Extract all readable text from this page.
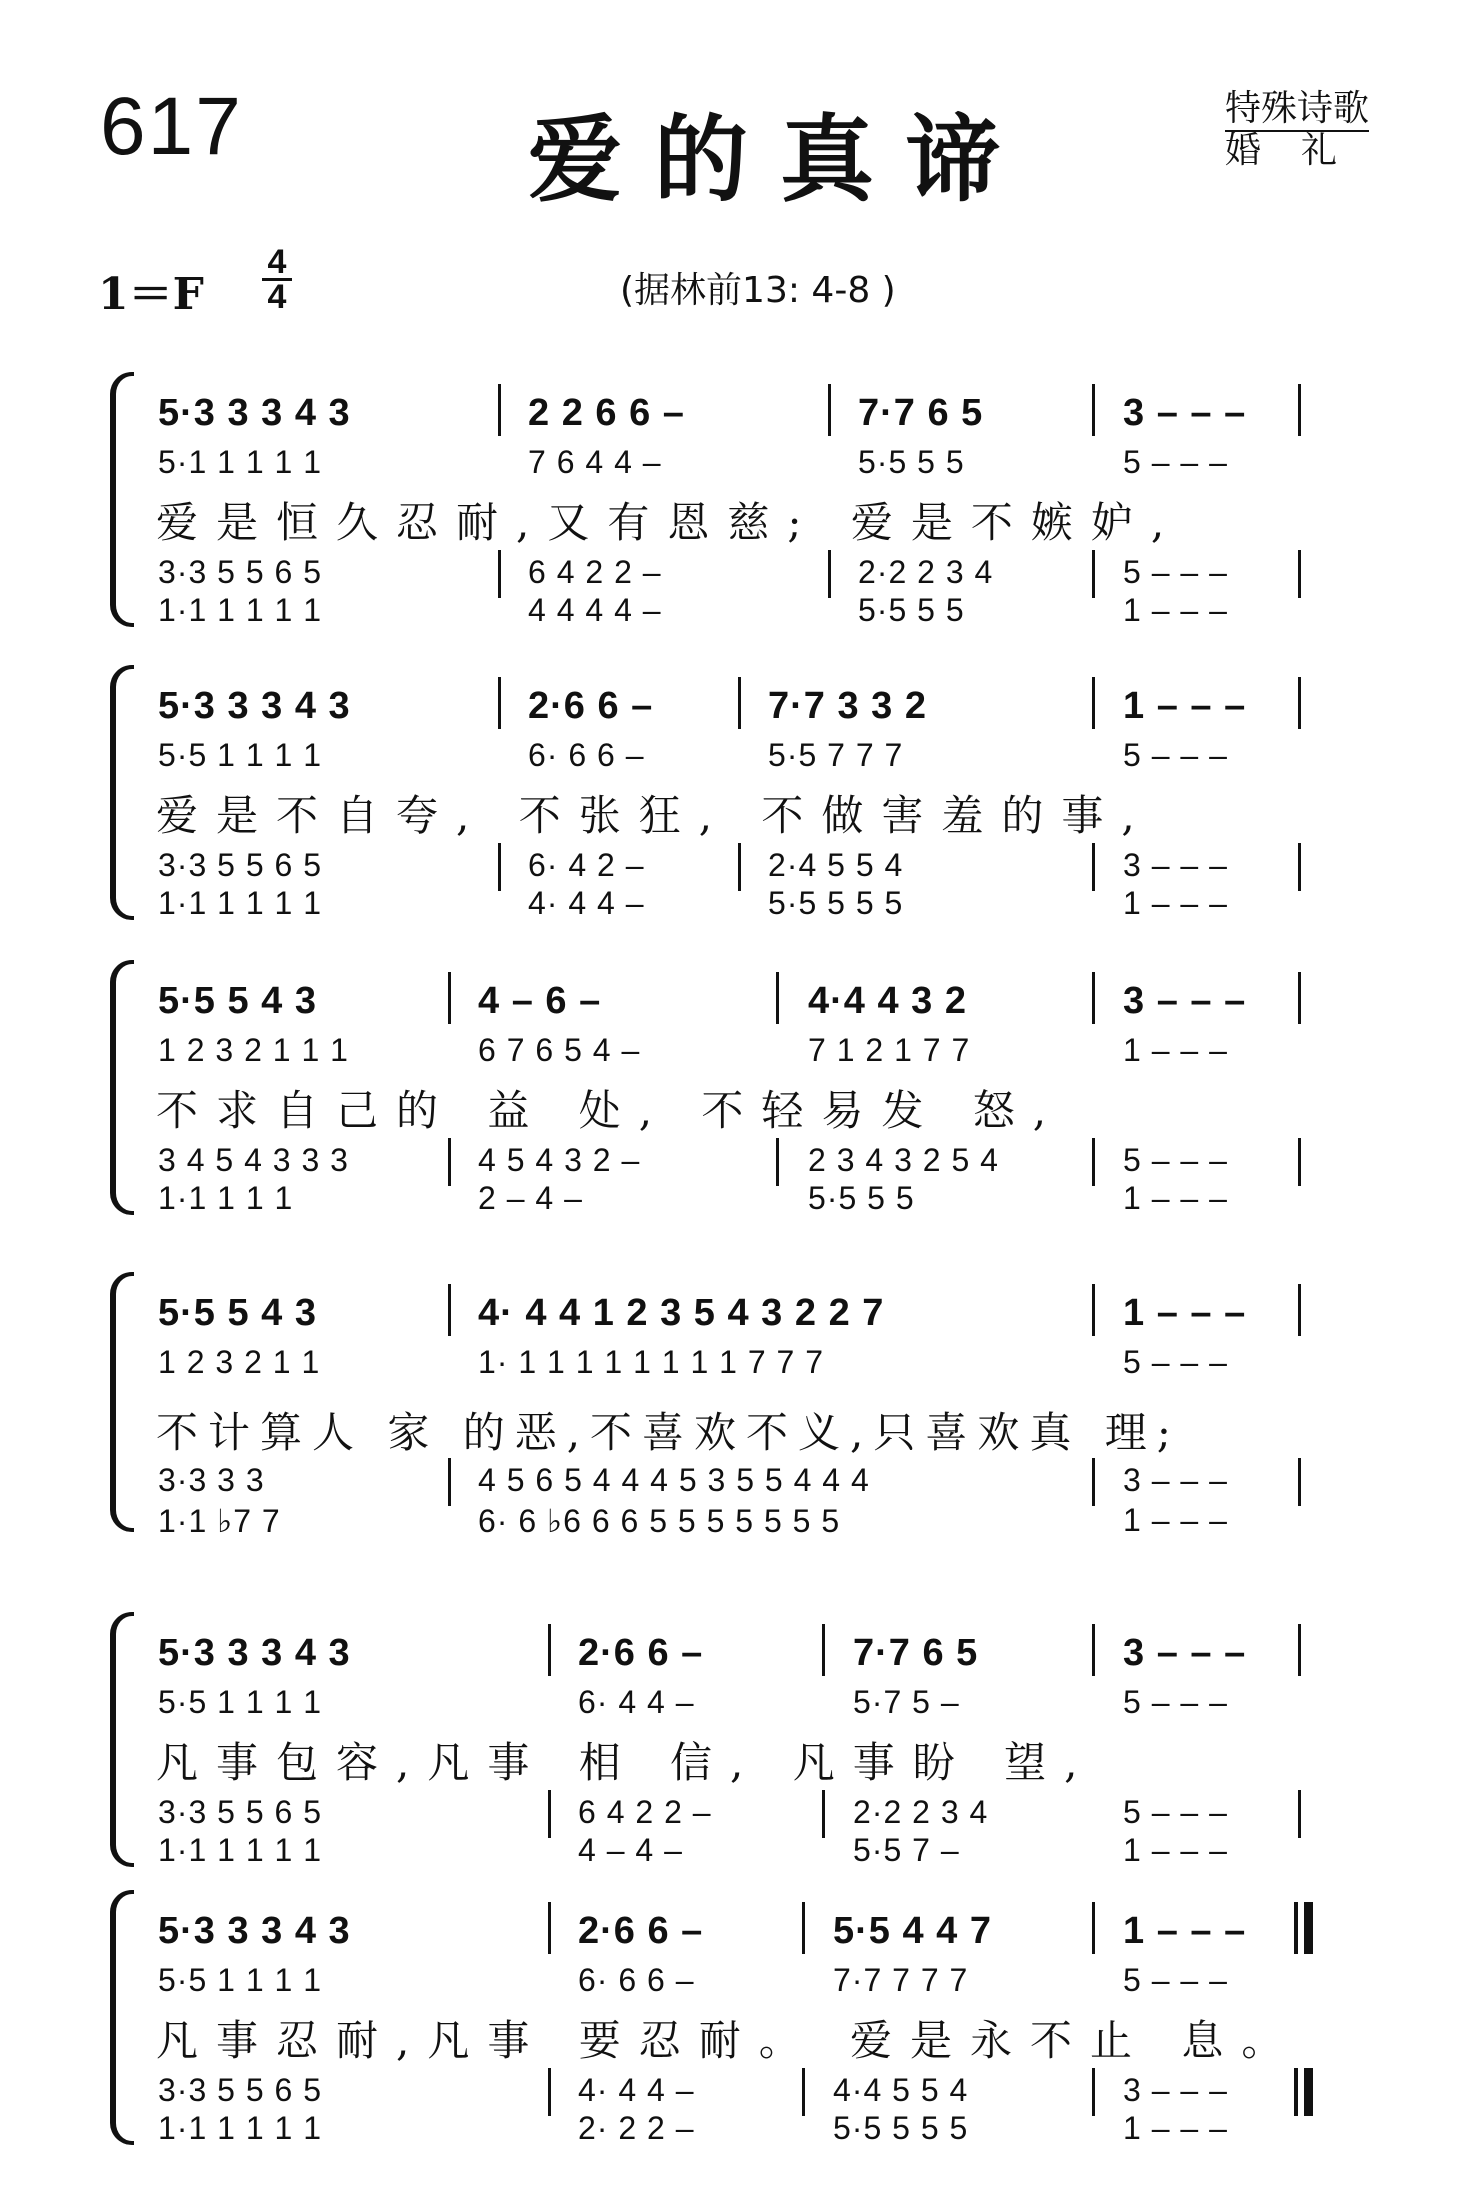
617	爱的真谛	特殊诗歌
婚 礼
1＝F
4
4	(据林前13: 4-8 )
5·3 3 3 4 3	2 2 6 6 –	7·7 6 5	3 – – –
5·1 1 1 1 1	7 6 4 4 –	5·5 5 5	5 – – –
爱是恒久忍耐,又有恩慈; 爱是不嫉妒,
3·3 5 5 6 5	6 4 2 2 –	2·2 2 3 4	5 – – –
1·1 1 1 1 1	4 4 4 4 –	5·5 5 5	1 – – –
5·3 3 3 4 3	2·6 6 –	7·7 3 3 2	1 – – –
5·5 1 1 1 1	6· 6 6 –	5·5 7 7 7	5 – – –
爱是不自夸, 不张狂, 不做害羞的事,
3·3 5 5 6 5	6· 4 2 –	2·4 5 5 4	3 – – –
1·1 1 1 1 1	4· 4 4 –	5·5 5 5 5	1 – – –
5·5 5 4 3	4 – 6 –	4·4 4 3 2	3 – – –
1 2 3 2 1 1 1	6 7 6 5 4 –	7 1 2 1 7 7	1 – – –
不求自己的 益 处, 不轻易发 怒,
3 4 5 4 3 3 3	4 5 4 3 2 –	2 3 4 3 2 5 4	5 – – –
1·1 1 1 1	2 – 4 –	5·5 5 5	1 – – –
5·5 5 4 3	4· 4 4 1 2 3 5 4 3 2 2 7	1 – – –
1 2 3 2 1 1	1· 1 1 1 1 1 1 1 1 7 7 7	5 – – –
不计算人 家 的恶,不喜欢不义,只喜欢真 理;
3·3 3 3	4 5 6 5 4 4 4 5 3 5 5 4 4 4	3 – – –
1·1 ♭7 7	6· 6 ♭6 6 6 5 5 5 5 5 5 5	1 – – –
5·3 3 3 4 3	2·6 6 –	7·7 6 5	3 – – –
5·5 1 1 1 1	6· 4 4 –	5·7 5 –	5 – – –
凡事包容,凡事 相 信, 凡事盼 望,
3·3 5 5 6 5	6 4 2 2 –	2·2 2 3 4	5 – – –
1·1 1 1 1 1	4 – 4 –	5·5 7 –	1 – – –
5·3 3 3 4 3	2·6 6 –	5·5 4 4 7	1 – – –
5·5 1 1 1 1	6· 6 6 –	7·7 7 7 7	5 – – –
凡事忍耐,凡事 要忍耐。 爱是永不止 息。
3·3 5 5 6 5	4· 4 4 –	4·4 5 5 4	3 – – –
1·1 1 1 1 1	2· 2 2 –	5·5 5 5 5	1 – – –
